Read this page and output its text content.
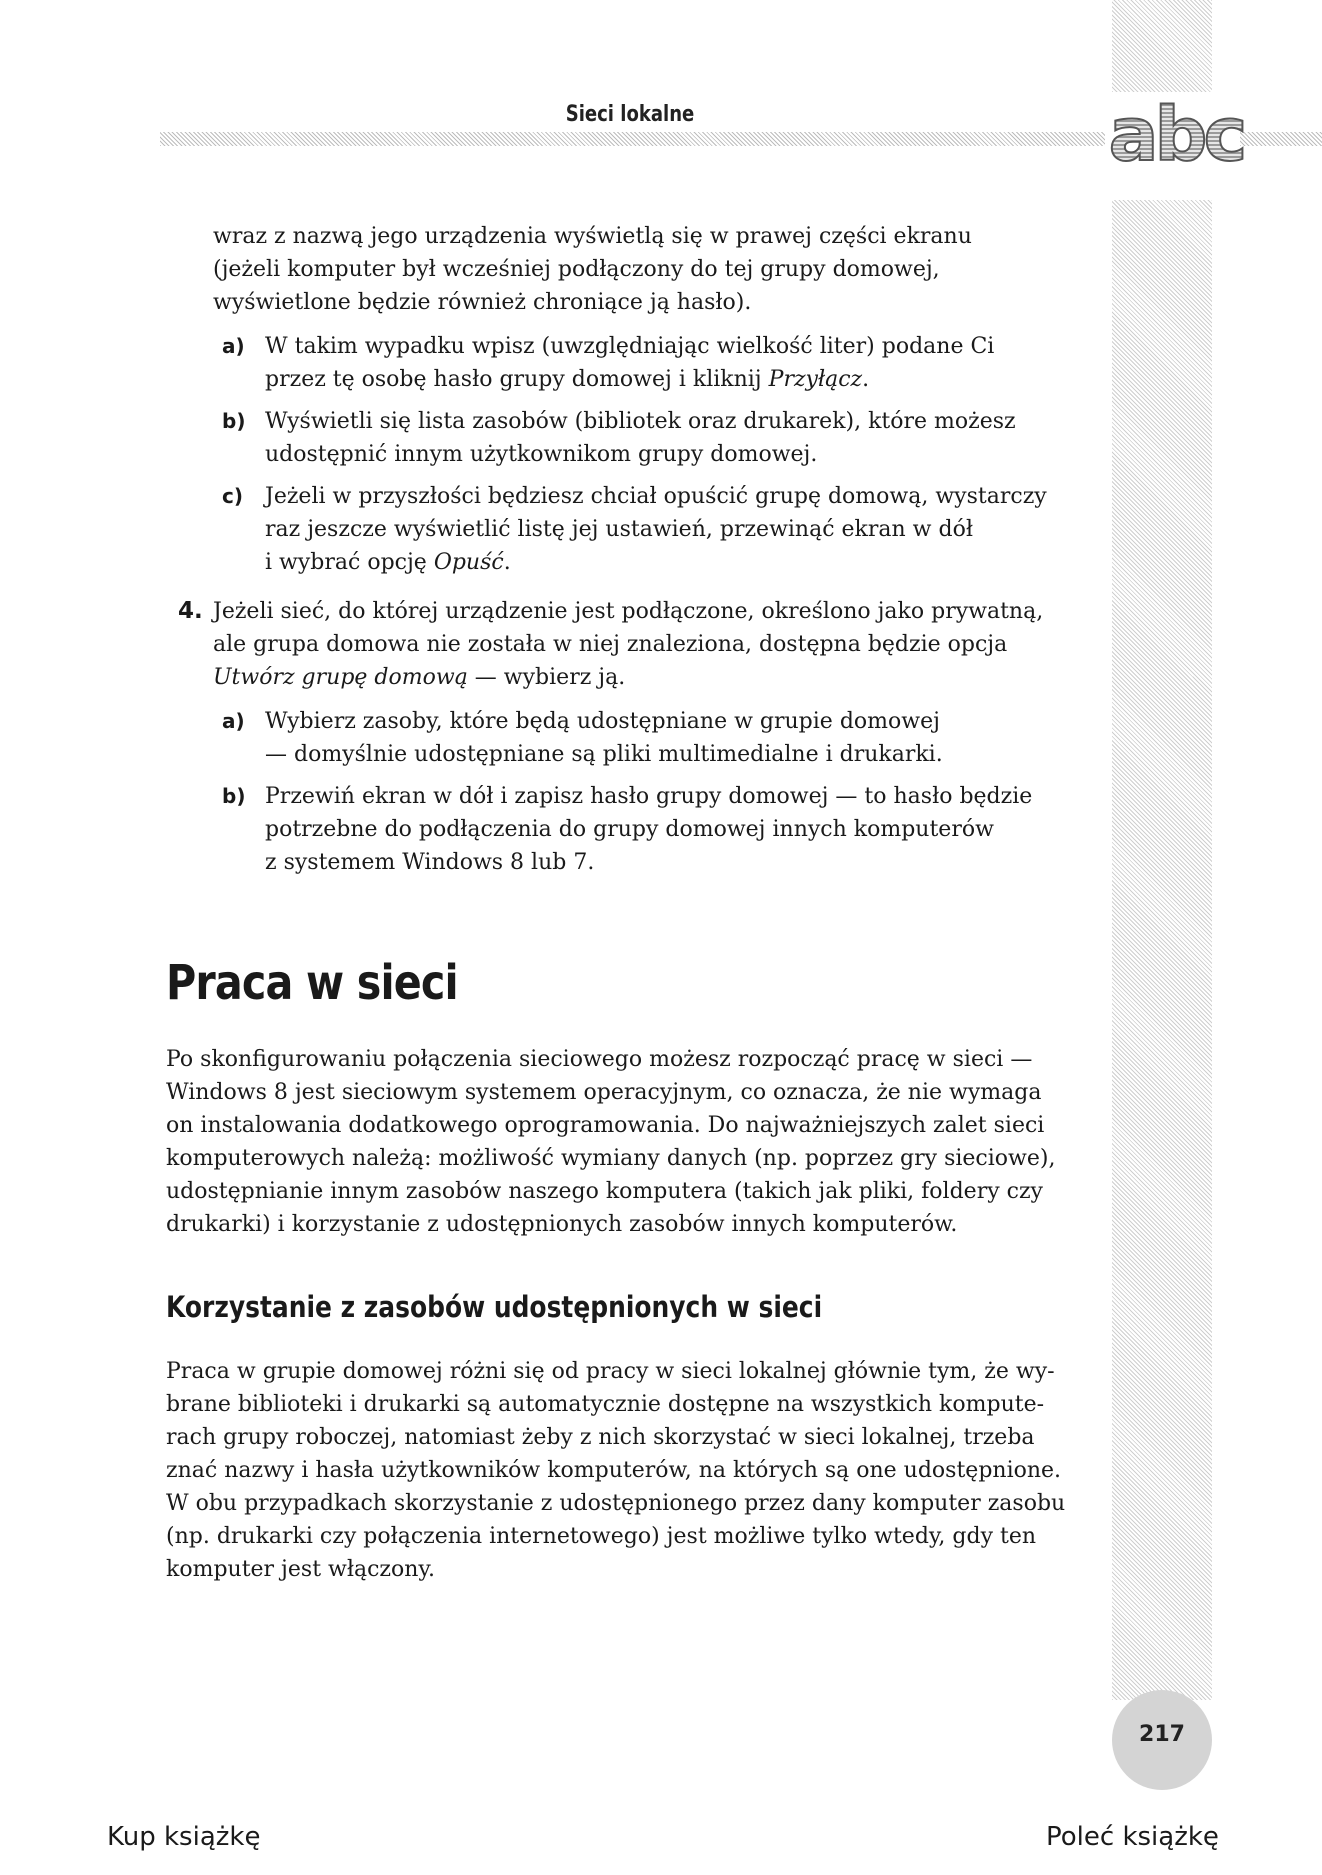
Sieci lokalne	abc

wraz z nazwą jego urządzenia wyświetlą się w prawej części ekranu

(jeżeli komputer był wcześniej podłączony do tej grupy domowej,

wyświetlone będzie również chroniące ją hasło).

a) W takim wypadku wpisz (uwzględniając wielkość liter) podane Ci

przez tę osobę hasło grupy domowej i kliknij Przyłącz.

b) Wyświetli się lista zasobów (bibliotek oraz drukarek), które możesz

udostępnić innym użytkownikom grupy domowej.

c) Jeżeli w przyszłości będziesz chciał opuścić grupę domową, wystarczy

raz jeszcze wyświetlić listę jej ustawień, przewinąć ekran w dół

i wybrać opcję Opuść.

4. Jeżeli sieć, do której urządzenie jest podłączone, określono jako prywatną,

ale grupa domowa nie została w niej znaleziona, dostępna będzie opcja

Utwórz grupę domową — wybierz ją.

a) Wybierz zasoby, które będą udostępniane w grupie domowej

— domyślnie udostępniane są pliki multimedialne i drukarki.

b) Przewiń ekran w dół i zapisz hasło grupy domowej — to hasło będzie

potrzebne do podłączenia do grupy domowej innych komputerów

z systemem Windows 8 lub 7.

Praca w sieci

Po skonfigurowaniu połączenia sieciowego możesz rozpocząć pracę w sieci —

Windows 8 jest sieciowym systemem operacyjnym, co oznacza, że nie wymaga

on instalowania dodatkowego oprogramowania. Do najważniejszych zalet sieci

komputerowych należą: możliwość wymiany danych (np. poprzez gry sieciowe),

udostępnianie innym zasobów naszego komputera (takich jak pliki, foldery czy

drukarki) i korzystanie z udostępnionych zasobów innych komputerów.

Korzystanie z zasobów udostępnionych w sieci

Praca w grupie domowej różni się od pracy w sieci lokalnej głównie tym, że wy-

brane biblioteki i drukarki są automatycznie dostępne na wszystkich kompute-

rach grupy roboczej, natomiast żeby z nich skorzystać w sieci lokalnej, trzeba

znać nazwy i hasła użytkowników komputerów, na których są one udostępnione.

W obu przypadkach skorzystanie z udostępnionego przez dany komputer zasobu

(np. drukarki czy połączenia internetowego) jest możliwe tylko wtedy, gdy ten

komputer jest włączony.

217
Kup książkę	Poleć książkę
